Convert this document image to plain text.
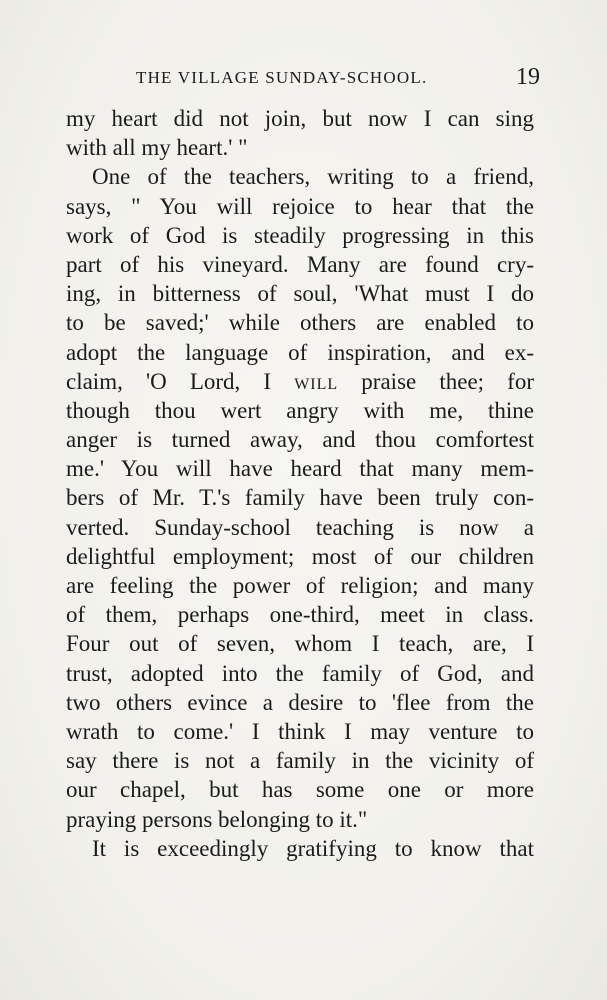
THE VILLAGE SUNDAY-SCHOOL.	19
my heart did not join, but now I can sing
with all my heart.' "
One of the teachers, writing to a friend,
says, " You will rejoice to hear that the
work of God is steadily progressing in this
part of his vineyard. Many are found cry-
ing, in bitterness of soul, 'What must I do
to be saved;' while others are enabled to
adopt the language of inspiration, and ex-
claim, 'O Lord, I will praise thee; for
though thou wert angry with me, thine
anger is turned away, and thou comfortest
me.' You will have heard that many mem-
bers of Mr. T.'s family have been truly con-
verted. Sunday-school teaching is now a
delightful employment; most of our children
are feeling the power of religion; and many
of them, perhaps one-third, meet in class.
Four out of seven, whom I teach, are, I
trust, adopted into the family of God, and
two others evince a desire to 'flee from the
wrath to come.' I think I may venture to
say there is not a family in the vicinity of
our chapel, but has some one or more
praying persons belonging to it."
It is exceedingly gratifying to know that
